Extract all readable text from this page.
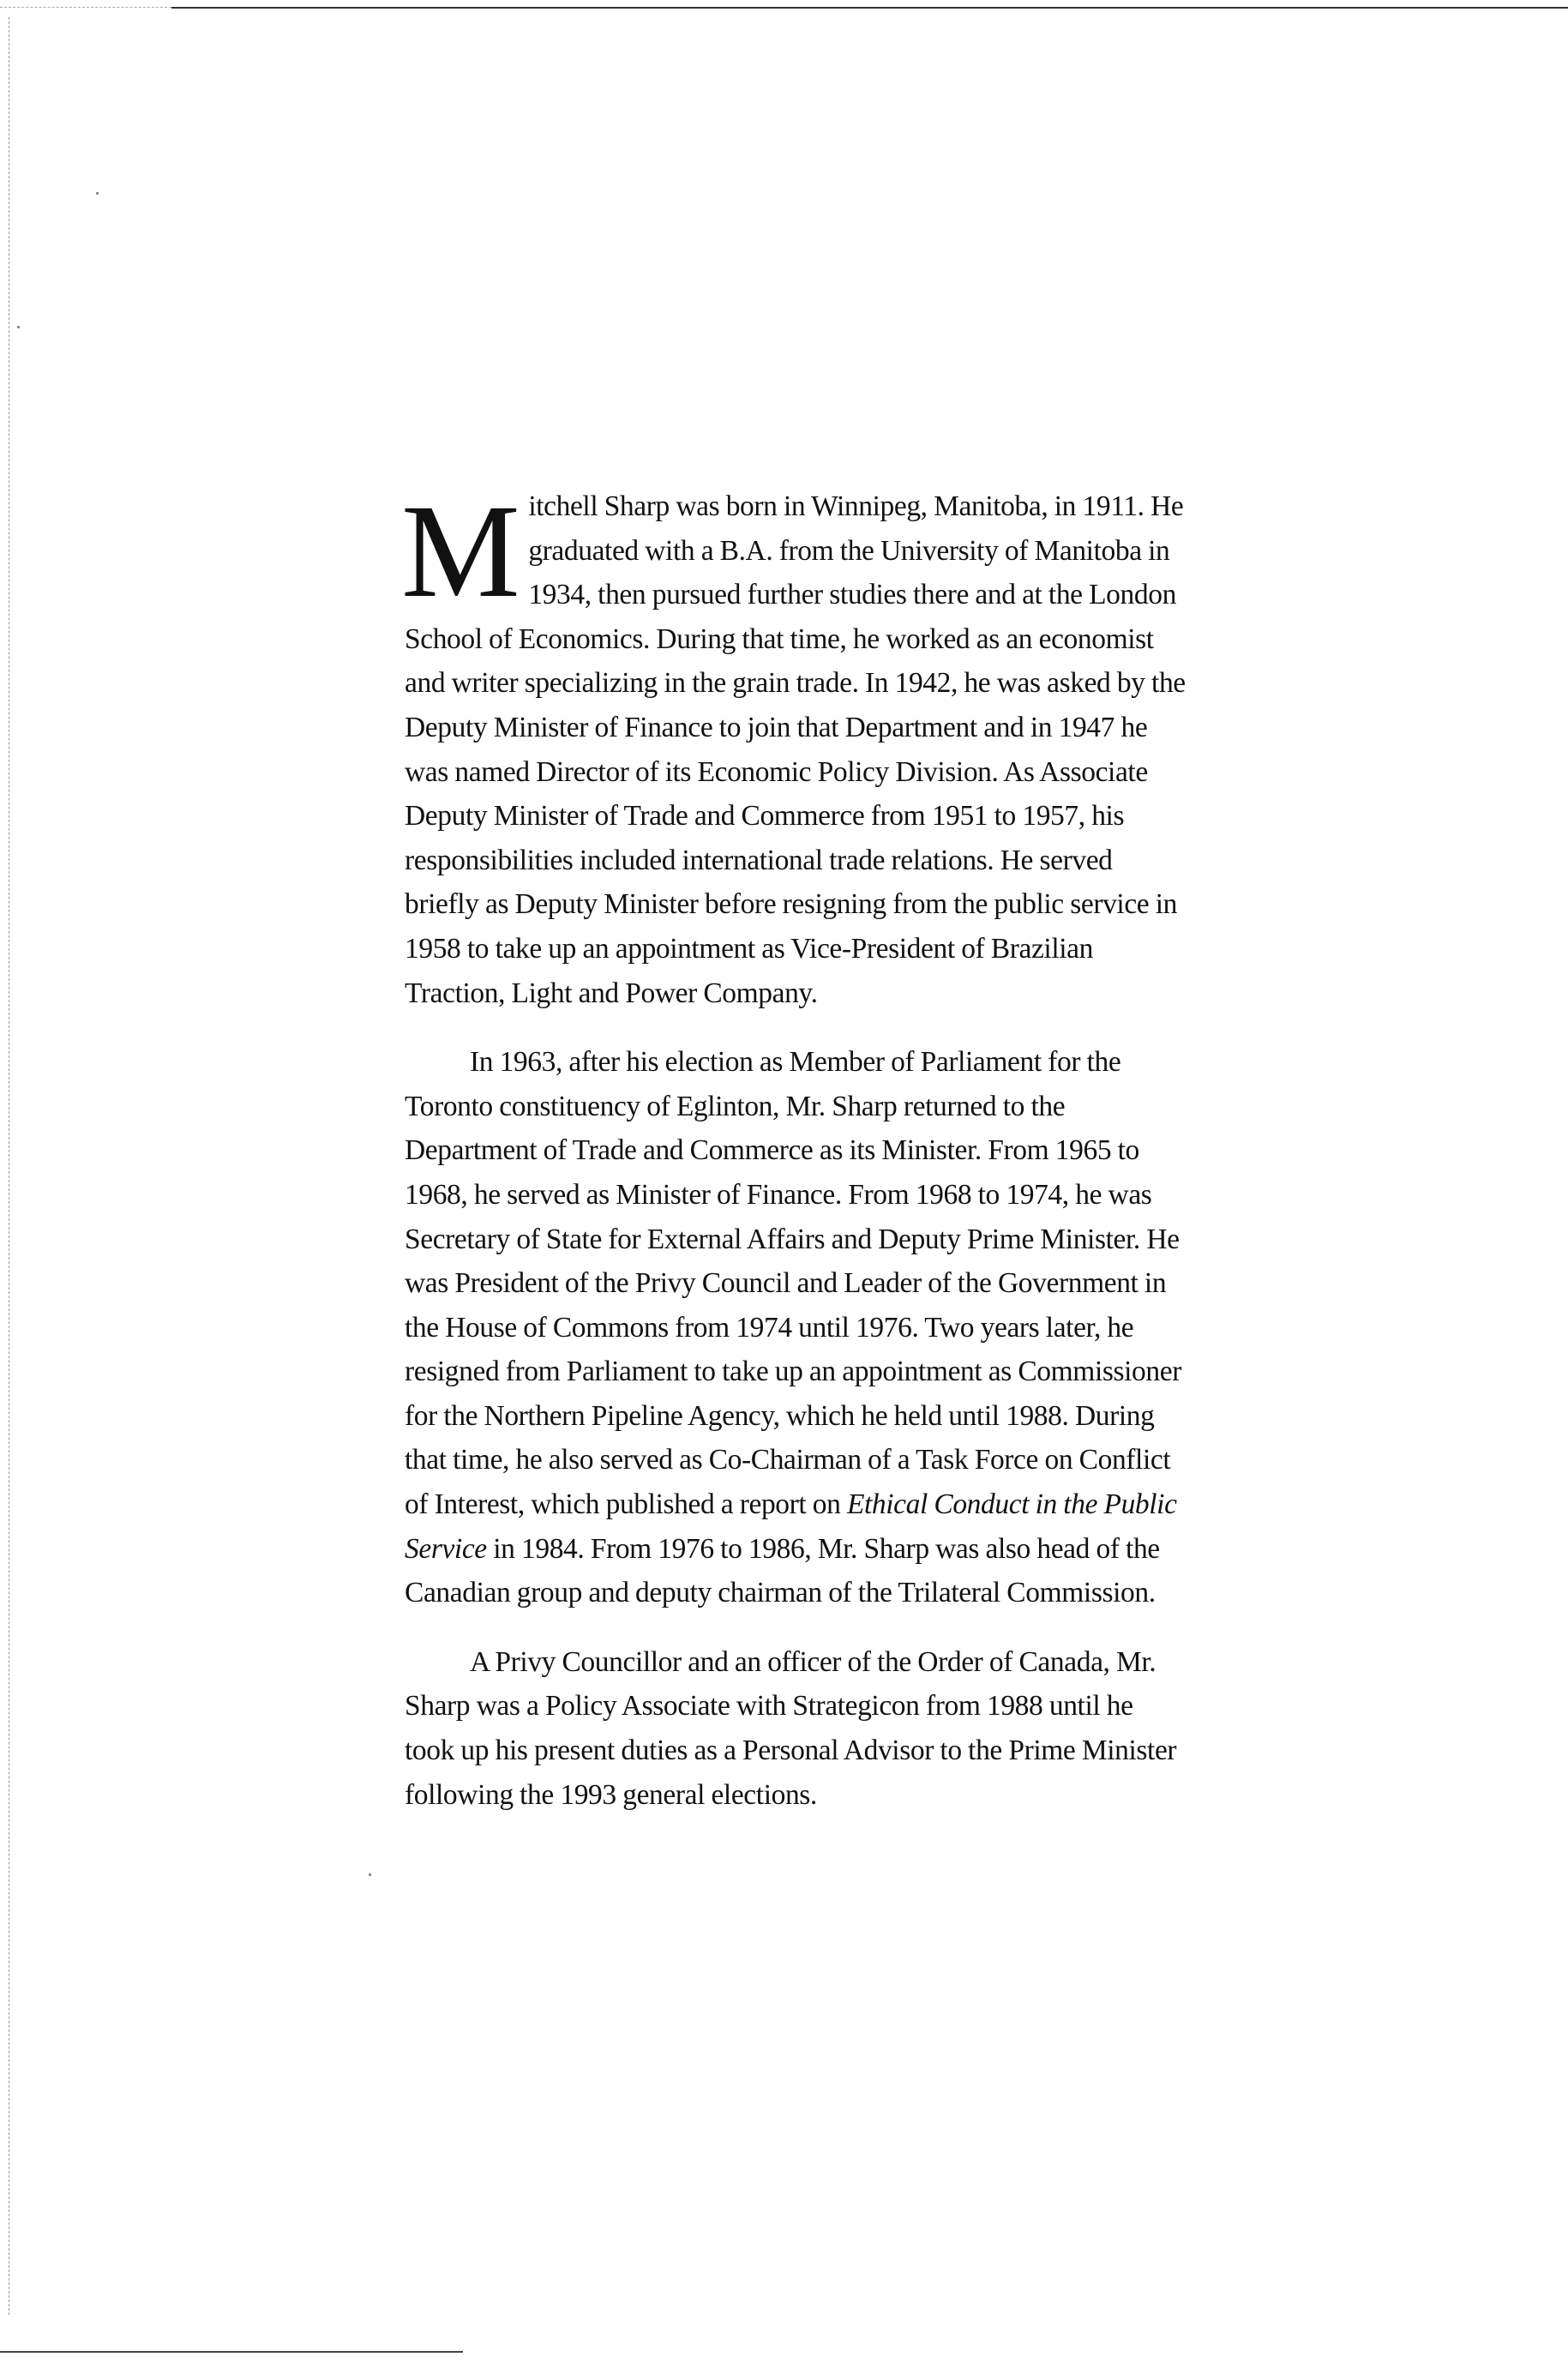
M itchell Sharp was born in Winnipeg, Manitoba, in 1911. He graduated with a B.A. from the University of Manitoba in 1934, then pursued further studies there and at the London School of Economics. During that time, he worked as an economist and writer specializing in the grain trade. In 1942, he was asked by the Deputy Minister of Finance to join that Department and in 1947 he was named Director of its Economic Policy Division. As Associate Deputy Minister of Trade and Commerce from 1951 to 1957, his responsibilities included international trade relations. He served briefly as Deputy Minister before resigning from the public service in 1958 to take up an appointment as Vice-President of Brazilian Traction, Light and Power Company.

In 1963, after his election as Member of Parliament for the Toronto constituency of Eglinton, Mr. Sharp returned to the Department of Trade and Commerce as its Minister. From 1965 to 1968, he served as Minister of Finance. From 1968 to 1974, he was Secretary of State for External Affairs and Deputy Prime Minister. He was President of the Privy Council and Leader of the Government in the House of Commons from 1974 until 1976. Two years later, he resigned from Parliament to take up an appointment as Commissioner for the Northern Pipeline Agency, which he held until 1988. During that time, he also served as Co-Chairman of a Task Force on Conflict of Interest, which published a report on Ethical Conduct in the Public Service in 1984. From 1976 to 1986, Mr. Sharp was also head of the Canadian group and deputy chairman of the Trilateral Commission.

A Privy Councillor and an officer of the Order of Canada, Mr. Sharp was a Policy Associate with Strategicon from 1988 until he took up his present duties as a Personal Advisor to the Prime Minister following the 1993 general elections.
